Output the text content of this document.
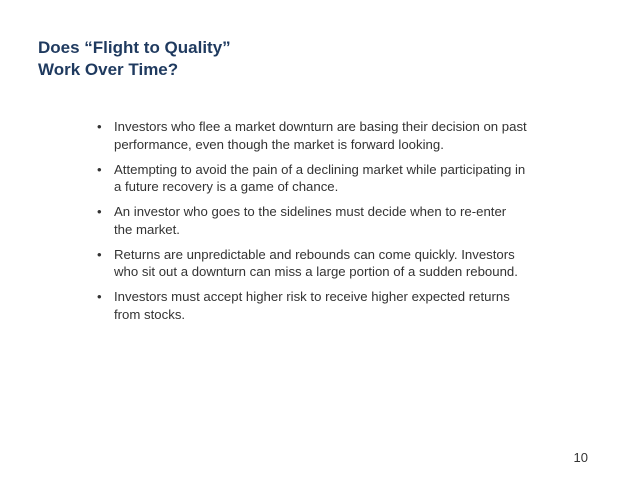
Does “Flight to Quality”
Work Over Time?
• Investors who flee a market downturn are basing their decision on past performance, even though the market is forward looking.
• Attempting to avoid the pain of a declining market while participating in a future recovery is a game of chance.
• An investor who goes to the sidelines must decide when to re-enter the market.
• Returns are unpredictable and rebounds can come quickly. Investors who sit out a downturn can miss a large portion of a sudden rebound.
• Investors must accept higher risk to receive higher expected returns from stocks.
10
